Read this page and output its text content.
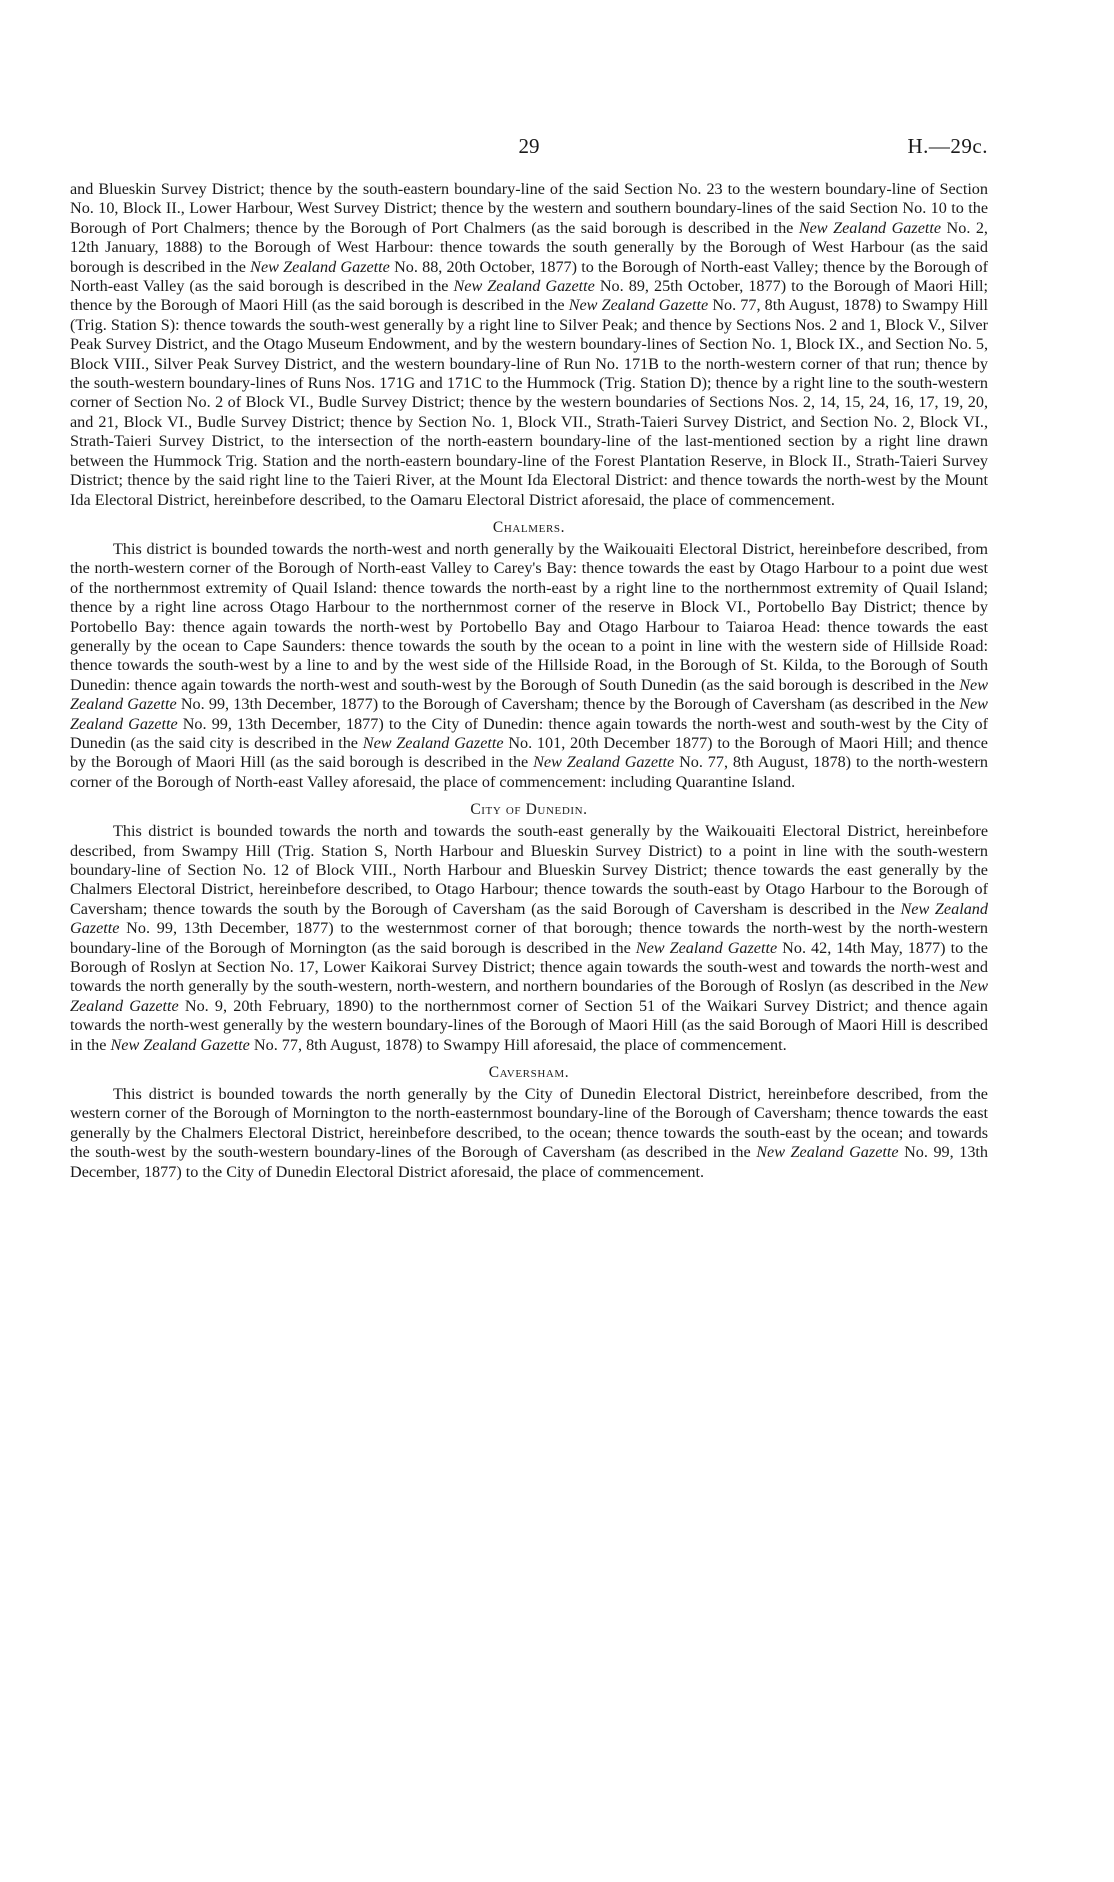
29	H.—29c.

and Blueskin Survey District; thence by the south-eastern boundary-line of the said Section No. 23 to the western boundary-line of Section No. 10, Block II., Lower Harbour, West Survey District; thence by the western and southern boundary-lines of the said Section No. 10 to the Borough of Port Chalmers; thence by the Borough of Port Chalmers (as the said borough is described in the New Zealand Gazette No. 2, 12th January, 1888) to the Borough of West Harbour: thence towards the south generally by the Borough of West Harbour (as the said borough is described in the New Zealand Gazette No. 88, 20th October, 1877) to the Borough of North-east Valley; thence by the Borough of North-east Valley (as the said borough is described in the New Zealand Gazette No. 89, 25th October, 1877) to the Borough of Maori Hill; thence by the Borough of Maori Hill (as the said borough is described in the New Zealand Gazette No. 77, 8th August, 1878) to Swampy Hill (Trig. Station S): thence towards the south-west generally by a right line to Silver Peak; and thence by Sections Nos. 2 and 1, Block V., Silver Peak Survey District, and the Otago Museum Endowment, and by the western boundary-lines of Section No. 1, Block IX., and Section No. 5, Block VIII., Silver Peak Survey District, and the western boundary-line of Run No. 171B to the north-western corner of that run; thence by the south-western boundary-lines of Runs Nos. 171G and 171C to the Hummock (Trig. Station D); thence by a right line to the south-western corner of Section No. 2 of Block VI., Budle Survey District; thence by the western boundaries of Sections Nos. 2, 14, 15, 24, 16, 17, 19, 20, and 21, Block VI., Budle Survey District; thence by Section No. 1, Block VII., Strath-Taieri Survey District, and Section No. 2, Block VI., Strath-Taieri Survey District, to the intersection of the north-eastern boundary-line of the last-mentioned section by a right line drawn between the Hummock Trig. Station and the north-eastern boundary-line of the Forest Plantation Reserve, in Block II., Strath-Taieri Survey District; thence by the said right line to the Taieri River, at the Mount Ida Electoral District: and thence towards the north-west by the Mount Ida Electoral District, hereinbefore described, to the Oamaru Electoral District aforesaid, the place of commencement.

Chalmers.

This district is bounded towards the north-west and north generally by the Waikouaiti Electoral District, hereinbefore described, from the north-western corner of the Borough of North-east Valley to Carey's Bay: thence towards the east by Otago Harbour to a point due west of the northernmost extremity of Quail Island: thence towards the north-east by a right line to the northernmost extremity of Quail Island; thence by a right line across Otago Harbour to the northernmost corner of the reserve in Block VI., Portobello Bay District; thence by Portobello Bay: thence again towards the north-west by Portobello Bay and Otago Harbour to Taiaroa Head: thence towards the east generally by the ocean to Cape Saunders: thence towards the south by the ocean to a point in line with the western side of Hillside Road: thence towards the south-west by a line to and by the west side of the Hillside Road, in the Borough of St. Kilda, to the Borough of South Dunedin: thence again towards the north-west and south-west by the Borough of South Dunedin (as the said borough is described in the New Zealand Gazette No. 99, 13th December, 1877) to the Borough of Caversham; thence by the Borough of Caversham (as described in the New Zealand Gazette No. 99, 13th December, 1877) to the City of Dunedin: thence again towards the north-west and south-west by the City of Dunedin (as the said city is described in the New Zealand Gazette No. 101, 20th December 1877) to the Borough of Maori Hill; and thence by the Borough of Maori Hill (as the said borough is described in the New Zealand Gazette No. 77, 8th August, 1878) to the north-western corner of the Borough of North-east Valley aforesaid, the place of commencement: including Quarantine Island.

City of Dunedin.

This district is bounded towards the north and towards the south-east generally by the Waikouaiti Electoral District, hereinbefore described, from Swampy Hill (Trig. Station S, North Harbour and Blueskin Survey District) to a point in line with the south-western boundary-line of Section No. 12 of Block VIII., North Harbour and Blueskin Survey District; thence towards the east generally by the Chalmers Electoral District, hereinbefore described, to Otago Harbour; thence towards the south-east by Otago Harbour to the Borough of Caversham; thence towards the south by the Borough of Caversham (as the said Borough of Caversham is described in the New Zealand Gazette No. 99, 13th December, 1877) to the westernmost corner of that borough; thence towards the north-west by the north-western boundary-line of the Borough of Mornington (as the said borough is described in the New Zealand Gazette No. 42, 14th May, 1877) to the Borough of Roslyn at Section No. 17, Lower Kaikorai Survey District; thence again towards the south-west and towards the north-west and towards the north generally by the south-western, north-western, and northern boundaries of the Borough of Roslyn (as described in the New Zealand Gazette No. 9, 20th February, 1890) to the northernmost corner of Section 51 of the Waikari Survey District; and thence again towards the north-west generally by the western boundary-lines of the Borough of Maori Hill (as the said Borough of Maori Hill is described in the New Zealand Gazette No. 77, 8th August, 1878) to Swampy Hill aforesaid, the place of commencement.

Caversham.

This district is bounded towards the north generally by the City of Dunedin Electoral District, hereinbefore described, from the western corner of the Borough of Mornington to the north-easternmost boundary-line of the Borough of Caversham; thence towards the east generally by the Chalmers Electoral District, hereinbefore described, to the ocean; thence towards the south-east by the ocean; and towards the south-west by the south-western boundary-lines of the Borough of Caversham (as described in the New Zealand Gazette No. 99, 13th December, 1877) to the City of Dunedin Electoral District aforesaid, the place of commencement.
